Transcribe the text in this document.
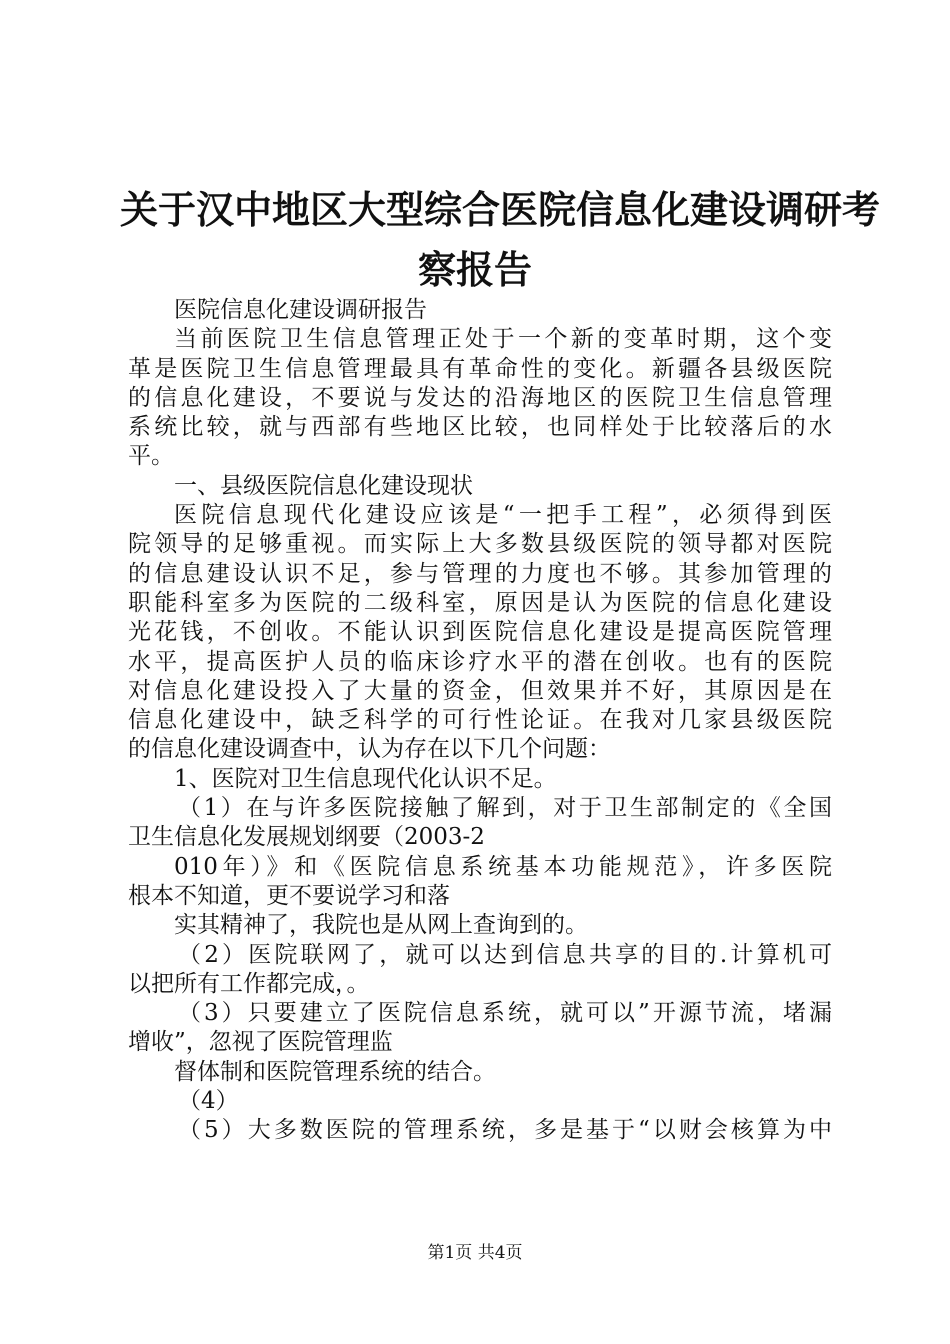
关于汉中地区大型综合医院信息化建设调研考
察报告
医院信息化建设调研报告
当前医院卫生信息管理正处于一个新的变革时期，这个变
革是医院卫生信息管理最具有革命性的变化。新疆各县级医院
的信息化建设，不要说与发达的沿海地区的医院卫生信息管理
系统比较，就与西部有些地区比较，也同样处于比较落后的水
平。
一、县级医院信息化建设现状
医院信息现代化建设应该是“一把手工程”，必须得到医
院领导的足够重视。而实际上大多数县级医院的领导都对医院
的信息建设认识不足，参与管理的力度也不够。其参加管理的
职能科室多为医院的二级科室，原因是认为医院的信息化建设
光花钱，不创收。不能认识到医院信息化建设是提高医院管理
水平，提高医护人员的临床诊疗水平的潜在创收。也有的医院
对信息化建设投入了大量的资金，但效果并不好，其原因是在
信息化建设中，缺乏科学的可行性论证。在我对几家县级医院
的信息化建设调查中，认为存在以下几个问题：
1、医院对卫生信息现代化认识不足。
（1）在与许多医院接触了解到，对于卫生部制定的《全国
卫生信息化发展规划纲要（2003-2
010年）》和《医院信息系统基本功能规范》，许多医院
根本不知道，更不要说学习和落
实其精神了，我院也是从网上查询到的。
（2）医院联网了，就可以达到信息共享的目的.计算机可
以把所有工作都完成，。
（3）只要建立了医院信息系统，就可以”开源节流，堵漏
增收”，忽视了医院管理监
督体制和医院管理系统的结合。
（4）
（5）大多数医院的管理系统，多是基于“以财会核算为中
第1页 共4页
